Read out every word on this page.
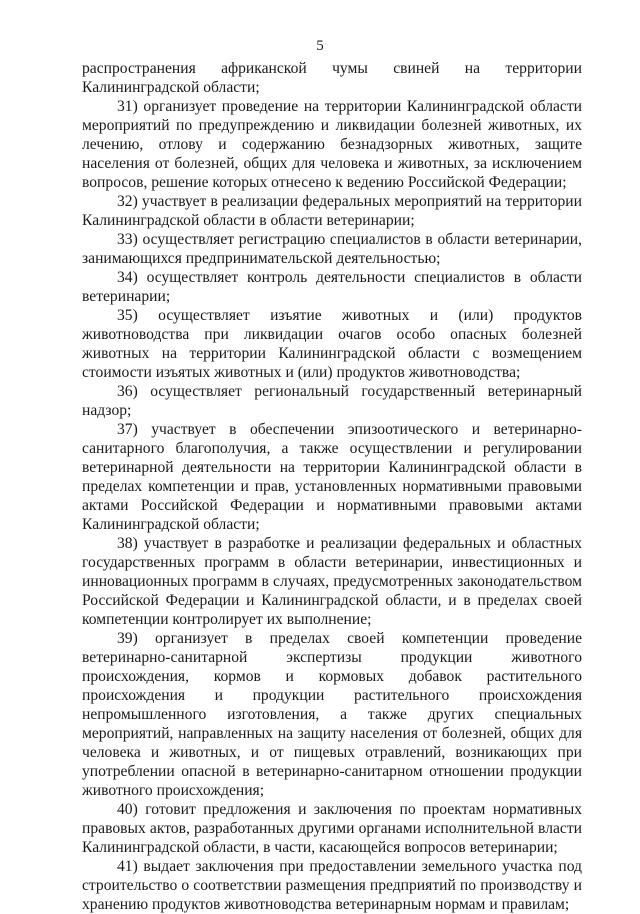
5

распространения африканской чумы свиней на территории Калининградской области;

31) организует проведение на территории Калининградской области мероприятий по предупреждению и ликвидации болезней животных, их лечению, отлову и содержанию безнадзорных животных, защите населения от болезней, общих для человека и животных, за исключением вопросов, решение которых отнесено к ведению Российской Федерации;

32) участвует в реализации федеральных мероприятий на территории Калининградской области в области ветеринарии;

33) осуществляет регистрацию специалистов в области ветеринарии, занимающихся предпринимательской деятельностью;

34) осуществляет контроль деятельности специалистов в области ветеринарии;

35) осуществляет изъятие животных и (или) продуктов животноводства при ликвидации очагов особо опасных болезней животных на территории Калининградской области с возмещением стоимости изъятых животных и (или) продуктов животноводства;

36) осуществляет региональный государственный ветеринарный надзор;

37) участвует в обеспечении эпизоотического и ветеринарно-санитарного благополучия, а также осуществлении и регулировании ветеринарной деятельности на территории Калининградской области в пределах компетенции и прав, установленных нормативными правовыми актами Российской Федерации и нормативными правовыми актами Калининградской области;

38) участвует в разработке и реализации федеральных и областных государственных программ в области ветеринарии, инвестиционных и инновационных программ в случаях, предусмотренных законодательством Российской Федерации и Калининградской области, и в пределах своей компетенции контролирует их выполнение;

39) организует в пределах своей компетенции проведение ветеринарно-санитарной экспертизы продукции животного происхождения, кормов и кормовых добавок растительного происхождения и продукции растительного происхождения непромышленного изготовления, а также других специальных мероприятий, направленных на защиту населения от болезней, общих для человека и животных, и от пищевых отравлений, возникающих при употреблении опасной в ветеринарно-санитарном отношении продукции животного происхождения;

40) готовит предложения и заключения по проектам нормативных правовых актов, разработанных другими органами исполнительной власти Калининградской области, в части, касающейся вопросов ветеринарии;

41) выдает заключения при предоставлении земельного участка под строительство о соответствии размещения предприятий по производству и хранению продуктов животноводства ветеринарным нормам и правилам;
